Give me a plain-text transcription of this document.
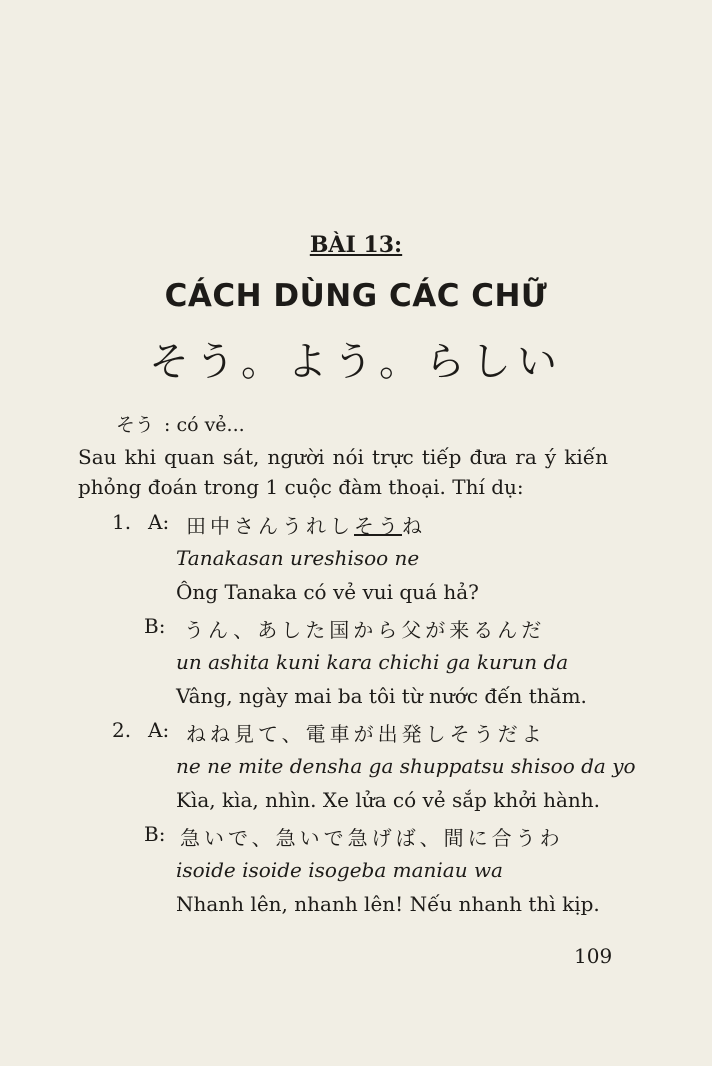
BÀI 13:
CÁCH DÙNG CÁC CHỮ
そう。よう。らしい
そう : có vẻ...
Sau khi quan sát, người nói trực tiếp đưa ra ý kiến phỏng đoán trong 1 cuộc đàm thoại. Thí dụ:
1. A: 田中さんうれしそうね
Tanakasan ureshisoo ne
Ông Tanaka có vẻ vui quá hả?
B: うん、あした国から父が来るんだ
un ashita kuni kara chichi ga kurun da
Vâng, ngày mai ba tôi từ nước đến thăm.
2. A: ねね見て、電車が出発しそうだよ
ne ne mite densha ga shuppatsu shisoo da yo
Kìa, kìa, nhìn. Xe lửa có vẻ sắp khởi hành.
B: 急いで、急いで急げば、間に合うわ
isoide isoide isogeba maniau wa
Nhanh lên, nhanh lên! Nếu nhanh thì kịp.
109
